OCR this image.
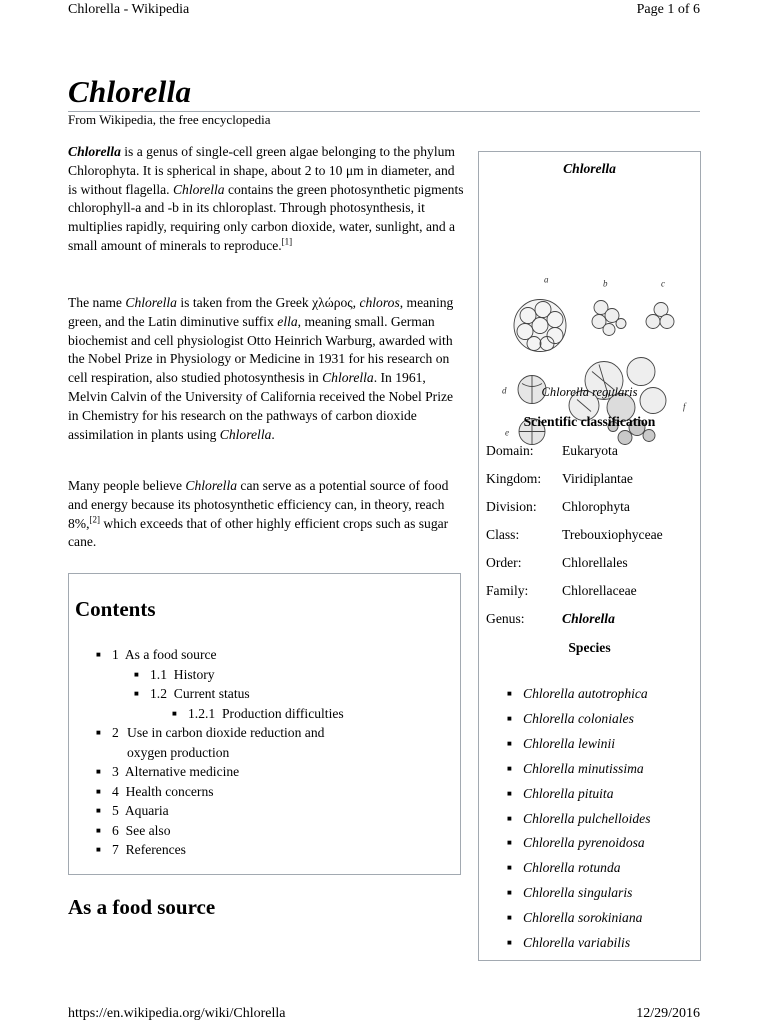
Chlorella - Wikipedia	Page 1 of 6
Chlorella
From Wikipedia, the free encyclopedia

Chlorella is a genus of single-cell green algae belonging to the phylum Chlorophyta. It is spherical in shape, about 2 to 10 μm in diameter, and is without flagella. Chlorella contains the green photosynthetic pigments chlorophyll-a and -b in its chloroplast. Through photosynthesis, it multiplies rapidly, requiring only carbon dioxide, water, sunlight, and a small amount of minerals to reproduce.[1]

The name Chlorella is taken from the Greek χλώρος, chloros, meaning green, and the Latin diminutive suffix ella, meaning small. German biochemist and cell physiologist Otto Heinrich Warburg, awarded with the Nobel Prize in Physiology or Medicine in 1931 for his research on cell respiration, also studied photosynthesis in Chlorella. In 1961, Melvin Calvin of the University of California received the Nobel Prize in Chemistry for his research on the pathways of carbon dioxide assimilation in plants using Chlorella.

Many people believe Chlorella can serve as a potential source of food and energy because its photosynthetic efficiency can, in theory, reach 8%,[2] which exceeds that of other highly efficient crops such as sugar cane.

Contents
■ 1 As a food source
■ 1.1 History
■ 1.2 Current status
■ 1.2.1 Production difficulties
■ 2 Use in carbon dioxide reduction and oxygen production
■ 3 Alternative medicine
■ 4 Health concerns
■ 5 Aquaria
■ 6 See also
■ 7 References
As a food source
Chlorella
a	b	c
d
e
f
Chlorella regularis
Scientific classification
Domain: Eukaryota
Kingdom: Viridiplantae
Division: Chlorophyta
Class:	Trebouxiophyceae
Order:	Chlorellales
Family: Chlorellaceae
Genus:	Chlorella
Species
■ Chlorella autotrophica
■ Chlorella coloniales
■ Chlorella lewinii
■ Chlorella minutissima
■ Chlorella pituita
■ Chlorella pulchelloides
■ Chlorella pyrenoidosa
■ Chlorella rotunda
■ Chlorella singularis
■ Chlorella sorokiniana
■ Chlorella variabilis
https://en.wikipedia.org/wiki/Chlorella	12/29/2016
